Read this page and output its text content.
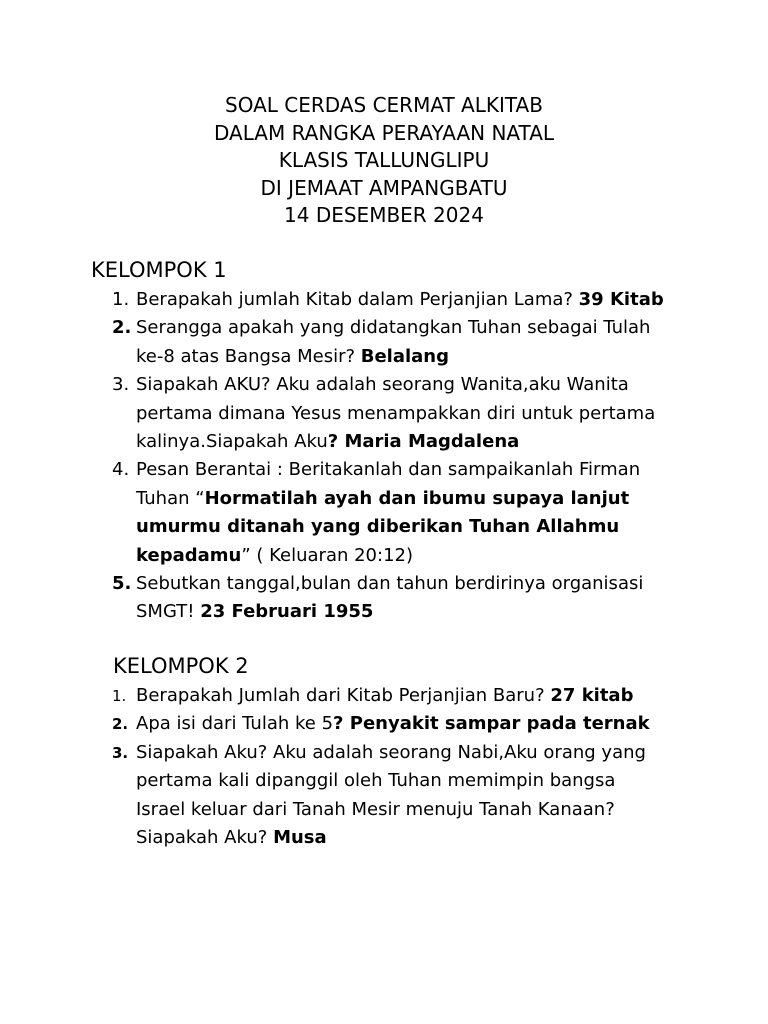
SOAL CERDAS CERMAT ALKITAB
DALAM RANGKA PERAYAAN NATAL
KLASIS TALLUNGLIPU
DI JEMAAT AMPANGBATU
14 DESEMBER 2024
KELOMPOK 1
1. Berapakah jumlah Kitab dalam Perjanjian Lama? 39 Kitab
2. Serangga apakah yang didatangkan Tuhan sebagai Tulah
ke-8 atas Bangsa Mesir? Belalang
3. Siapakah AKU? Aku adalah seorang Wanita,aku Wanita
pertama dimana Yesus menampakkan diri untuk pertama
kalinya.Siapakah Aku? Maria Magdalena
4. Pesan Berantai : Beritakanlah dan sampaikanlah Firman
Tuhan “Hormatilah ayah dan ibumu supaya lanjut
umurmu ditanah yang diberikan Tuhan Allahmu
kepadamu” ( Keluaran 20:12)
5. Sebutkan tanggal,bulan dan tahun berdirinya organisasi
SMGT! 23 Februari 1955
KELOMPOK 2
1. Berapakah Jumlah dari Kitab Perjanjian Baru? 27 kitab
2. Apa isi dari Tulah ke 5? Penyakit sampar pada ternak
3. Siapakah Aku? Aku adalah seorang Nabi,Aku orang yang
pertama kali dipanggil oleh Tuhan memimpin bangsa
Israel keluar dari Tanah Mesir menuju Tanah Kanaan?
Siapakah Aku? Musa
